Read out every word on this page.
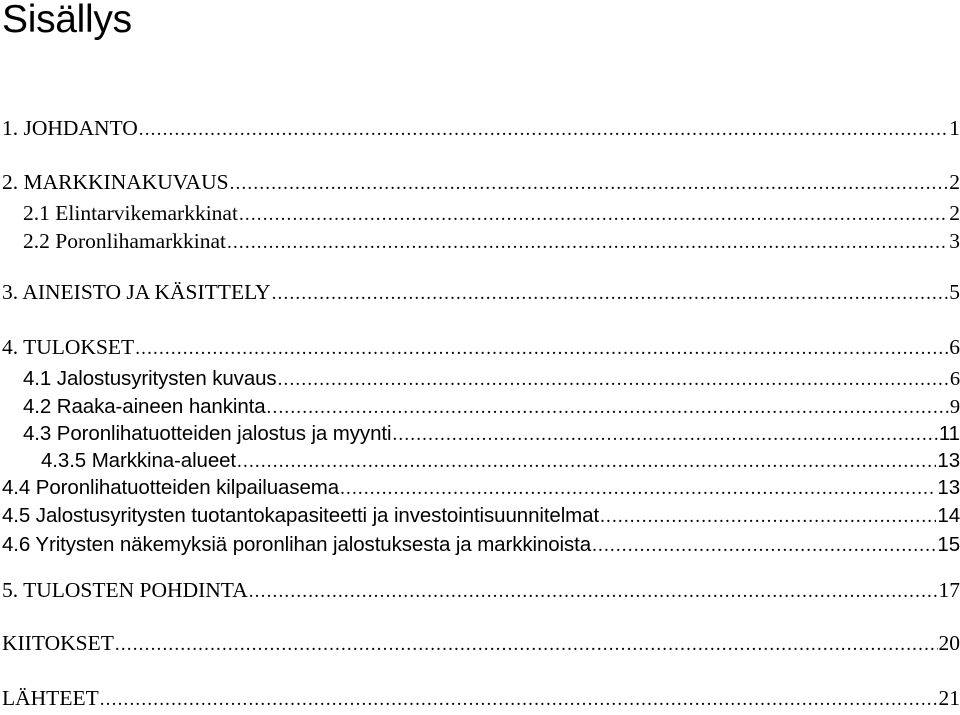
Sisällys
1. JOHDANTO .....	1
2. MARKKINAKUVAUS .....	2
2.1 Elintarvikemarkkinat .....	2
2.2 Poronlihamarkkinat .....	3
3. AINEISTO JA KÄSITTELY .....	5
4. TULOKSET .....	6
4.1 Jalostusyritysten kuvaus .....	6
4.2 Raaka-aineen hankinta .....	9
4.3 Poronlihatuotteiden jalostus ja myynti .....	11
4.3.5 Markkina-alueet .....	13
4.4 Poronlihatuotteiden kilpailuasema .....	13
4.5 Jalostusyritysten tuotantokapasiteetti ja investointisuunnitelmat .....	14
4.6 Yritysten näkemyksiä poronlihan jalostuksesta ja markkinoista .....	15
5. TULOSTEN POHDINTA .....	17
KIITOKSET .....	20
LÄHTEET .....	21
